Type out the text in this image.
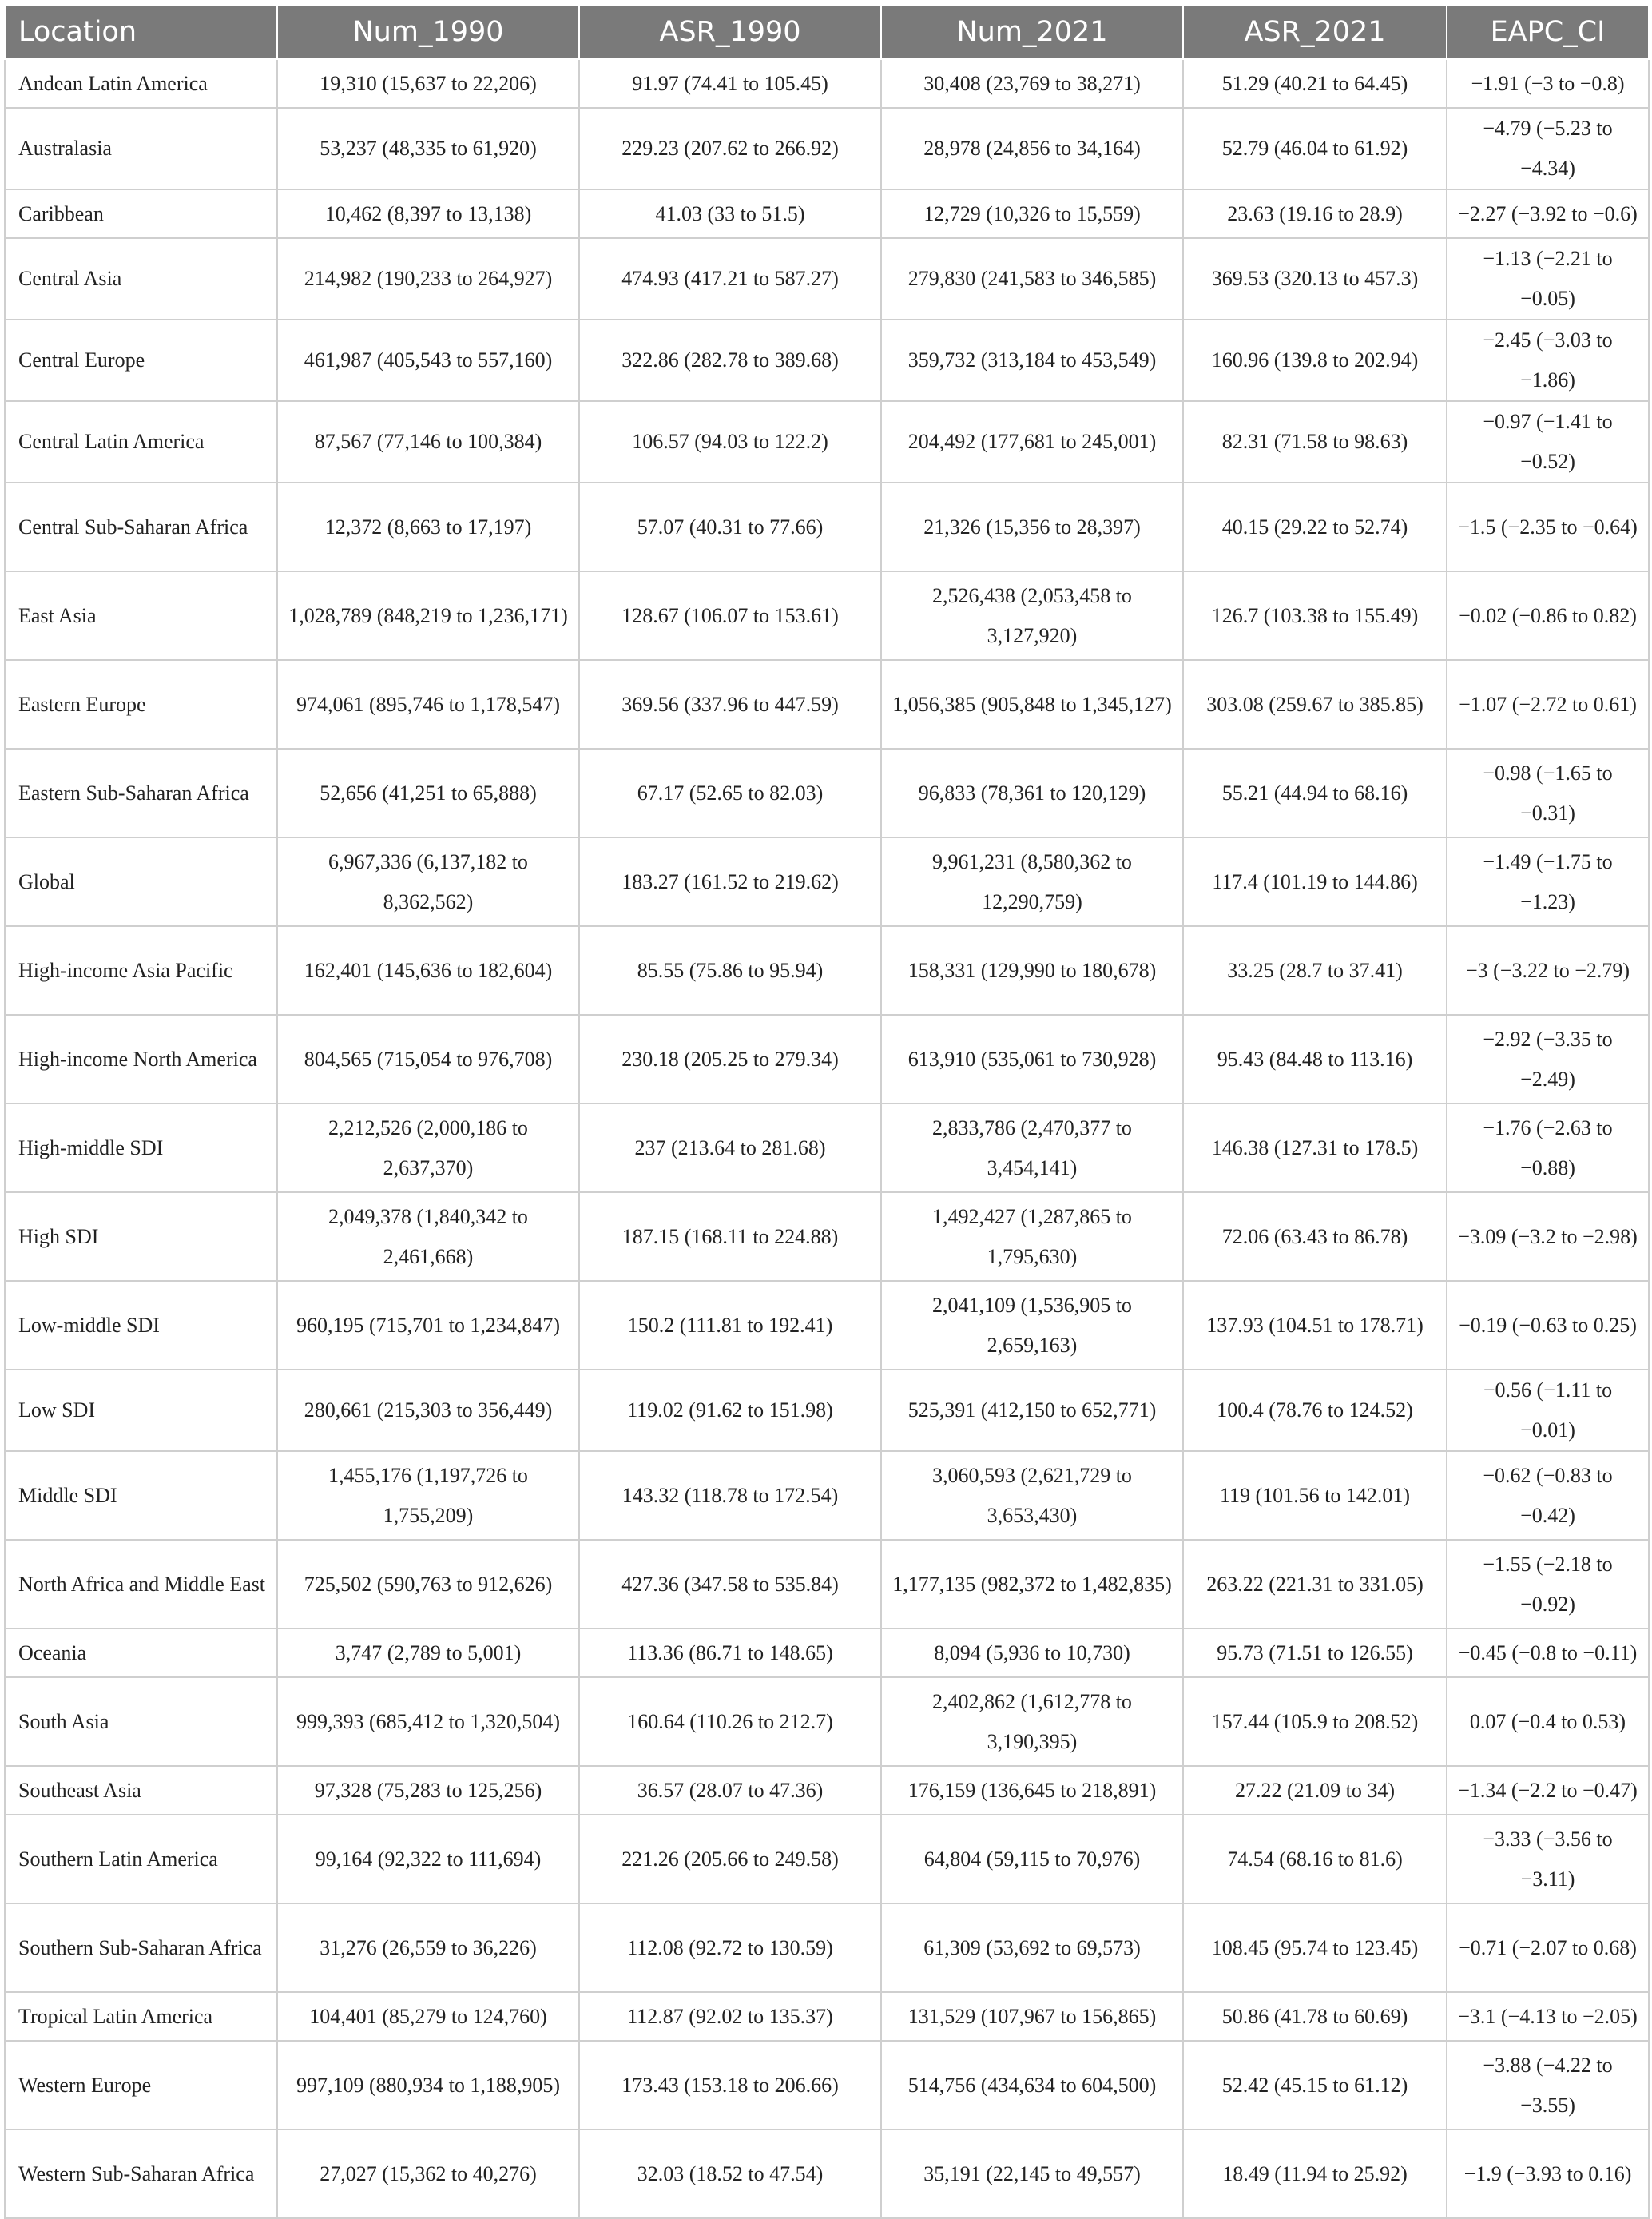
Location	Num_1990	ASR_1990	Num_2021	ASR_2021	EAPC_CI
Andean Latin America	19,310 (15,637 to 22,206)	91.97 (74.41 to 105.45)	30,408 (23,769 to 38,271)	51.29 (40.21 to 64.45)	−1.91 (−3 to −0.8)
Australasia	53,237 (48,335 to 61,920)	229.23 (207.62 to 266.92)	28,978 (24,856 to 34,164)	52.79 (46.04 to 61.92)	−4.79 (−5.23 to −4.34)
Caribbean	10,462 (8,397 to 13,138)	41.03 (33 to 51.5)	12,729 (10,326 to 15,559)	23.63 (19.16 to 28.9)	−2.27 (−3.92 to −0.6)
Central Asia	214,982 (190,233 to 264,927)	474.93 (417.21 to 587.27)	279,830 (241,583 to 346,585)	369.53 (320.13 to 457.3)	−1.13 (−2.21 to −0.05)
Central Europe	461,987 (405,543 to 557,160)	322.86 (282.78 to 389.68)	359,732 (313,184 to 453,549)	160.96 (139.8 to 202.94)	−2.45 (−3.03 to −1.86)
Central Latin America	87,567 (77,146 to 100,384)	106.57 (94.03 to 122.2)	204,492 (177,681 to 245,001)	82.31 (71.58 to 98.63)	−0.97 (−1.41 to −0.52)
Central Sub-Saharan Africa	12,372 (8,663 to 17,197)	57.07 (40.31 to 77.66)	21,326 (15,356 to 28,397)	40.15 (29.22 to 52.74)	−1.5 (−2.35 to −0.64)
East Asia	1,028,789 (848,219 to 1,236,171)	128.67 (106.07 to 153.61)	2,526,438 (2,053,458 to 3,127,920)	126.7 (103.38 to 155.49)	−0.02 (−0.86 to 0.82)
Eastern Europe	974,061 (895,746 to 1,178,547)	369.56 (337.96 to 447.59)	1,056,385 (905,848 to 1,345,127)	303.08 (259.67 to 385.85)	−1.07 (−2.72 to 0.61)
Eastern Sub-Saharan Africa	52,656 (41,251 to 65,888)	67.17 (52.65 to 82.03)	96,833 (78,361 to 120,129)	55.21 (44.94 to 68.16)	−0.98 (−1.65 to −0.31)
Global	6,967,336 (6,137,182 to 8,362,562)	183.27 (161.52 to 219.62)	9,961,231 (8,580,362 to 12,290,759)	117.4 (101.19 to 144.86)	−1.49 (−1.75 to −1.23)
High-income Asia Pacific	162,401 (145,636 to 182,604)	85.55 (75.86 to 95.94)	158,331 (129,990 to 180,678)	33.25 (28.7 to 37.41)	−3 (−3.22 to −2.79)
High-income North America	804,565 (715,054 to 976,708)	230.18 (205.25 to 279.34)	613,910 (535,061 to 730,928)	95.43 (84.48 to 113.16)	−2.92 (−3.35 to −2.49)
High-middle SDI	2,212,526 (2,000,186 to 2,637,370)	237 (213.64 to 281.68)	2,833,786 (2,470,377 to 3,454,141)	146.38 (127.31 to 178.5)	−1.76 (−2.63 to −0.88)
High SDI	2,049,378 (1,840,342 to 2,461,668)	187.15 (168.11 to 224.88)	1,492,427 (1,287,865 to 1,795,630)	72.06 (63.43 to 86.78)	−3.09 (−3.2 to −2.98)
Low-middle SDI	960,195 (715,701 to 1,234,847)	150.2 (111.81 to 192.41)	2,041,109 (1,536,905 to 2,659,163)	137.93 (104.51 to 178.71)	−0.19 (−0.63 to 0.25)
Low SDI	280,661 (215,303 to 356,449)	119.02 (91.62 to 151.98)	525,391 (412,150 to 652,771)	100.4 (78.76 to 124.52)	−0.56 (−1.11 to −0.01)
Middle SDI	1,455,176 (1,197,726 to 1,755,209)	143.32 (118.78 to 172.54)	3,060,593 (2,621,729 to 3,653,430)	119 (101.56 to 142.01)	−0.62 (−0.83 to −0.42)
North Africa and Middle East	725,502 (590,763 to 912,626)	427.36 (347.58 to 535.84)	1,177,135 (982,372 to 1,482,835)	263.22 (221.31 to 331.05)	−1.55 (−2.18 to −0.92)
Oceania	3,747 (2,789 to 5,001)	113.36 (86.71 to 148.65)	8,094 (5,936 to 10,730)	95.73 (71.51 to 126.55)	−0.45 (−0.8 to −0.11)
South Asia	999,393 (685,412 to 1,320,504)	160.64 (110.26 to 212.7)	2,402,862 (1,612,778 to 3,190,395)	157.44 (105.9 to 208.52)	0.07 (−0.4 to 0.53)
Southeast Asia	97,328 (75,283 to 125,256)	36.57 (28.07 to 47.36)	176,159 (136,645 to 218,891)	27.22 (21.09 to 34)	−1.34 (−2.2 to −0.47)
Southern Latin America	99,164 (92,322 to 111,694)	221.26 (205.66 to 249.58)	64,804 (59,115 to 70,976)	74.54 (68.16 to 81.6)	−3.33 (−3.56 to −3.11)
Southern Sub-Saharan Africa	31,276 (26,559 to 36,226)	112.08 (92.72 to 130.59)	61,309 (53,692 to 69,573)	108.45 (95.74 to 123.45)	−0.71 (−2.07 to 0.68)
Tropical Latin America	104,401 (85,279 to 124,760)	112.87 (92.02 to 135.37)	131,529 (107,967 to 156,865)	50.86 (41.78 to 60.69)	−3.1 (−4.13 to −2.05)
Western Europe	997,109 (880,934 to 1,188,905)	173.43 (153.18 to 206.66)	514,756 (434,634 to 604,500)	52.42 (45.15 to 61.12)	−3.88 (−4.22 to −3.55)
Western Sub-Saharan Africa	27,027 (15,362 to 40,276)	32.03 (18.52 to 47.54)	35,191 (22,145 to 49,557)	18.49 (11.94 to 25.92)	−1.9 (−3.93 to 0.16)
